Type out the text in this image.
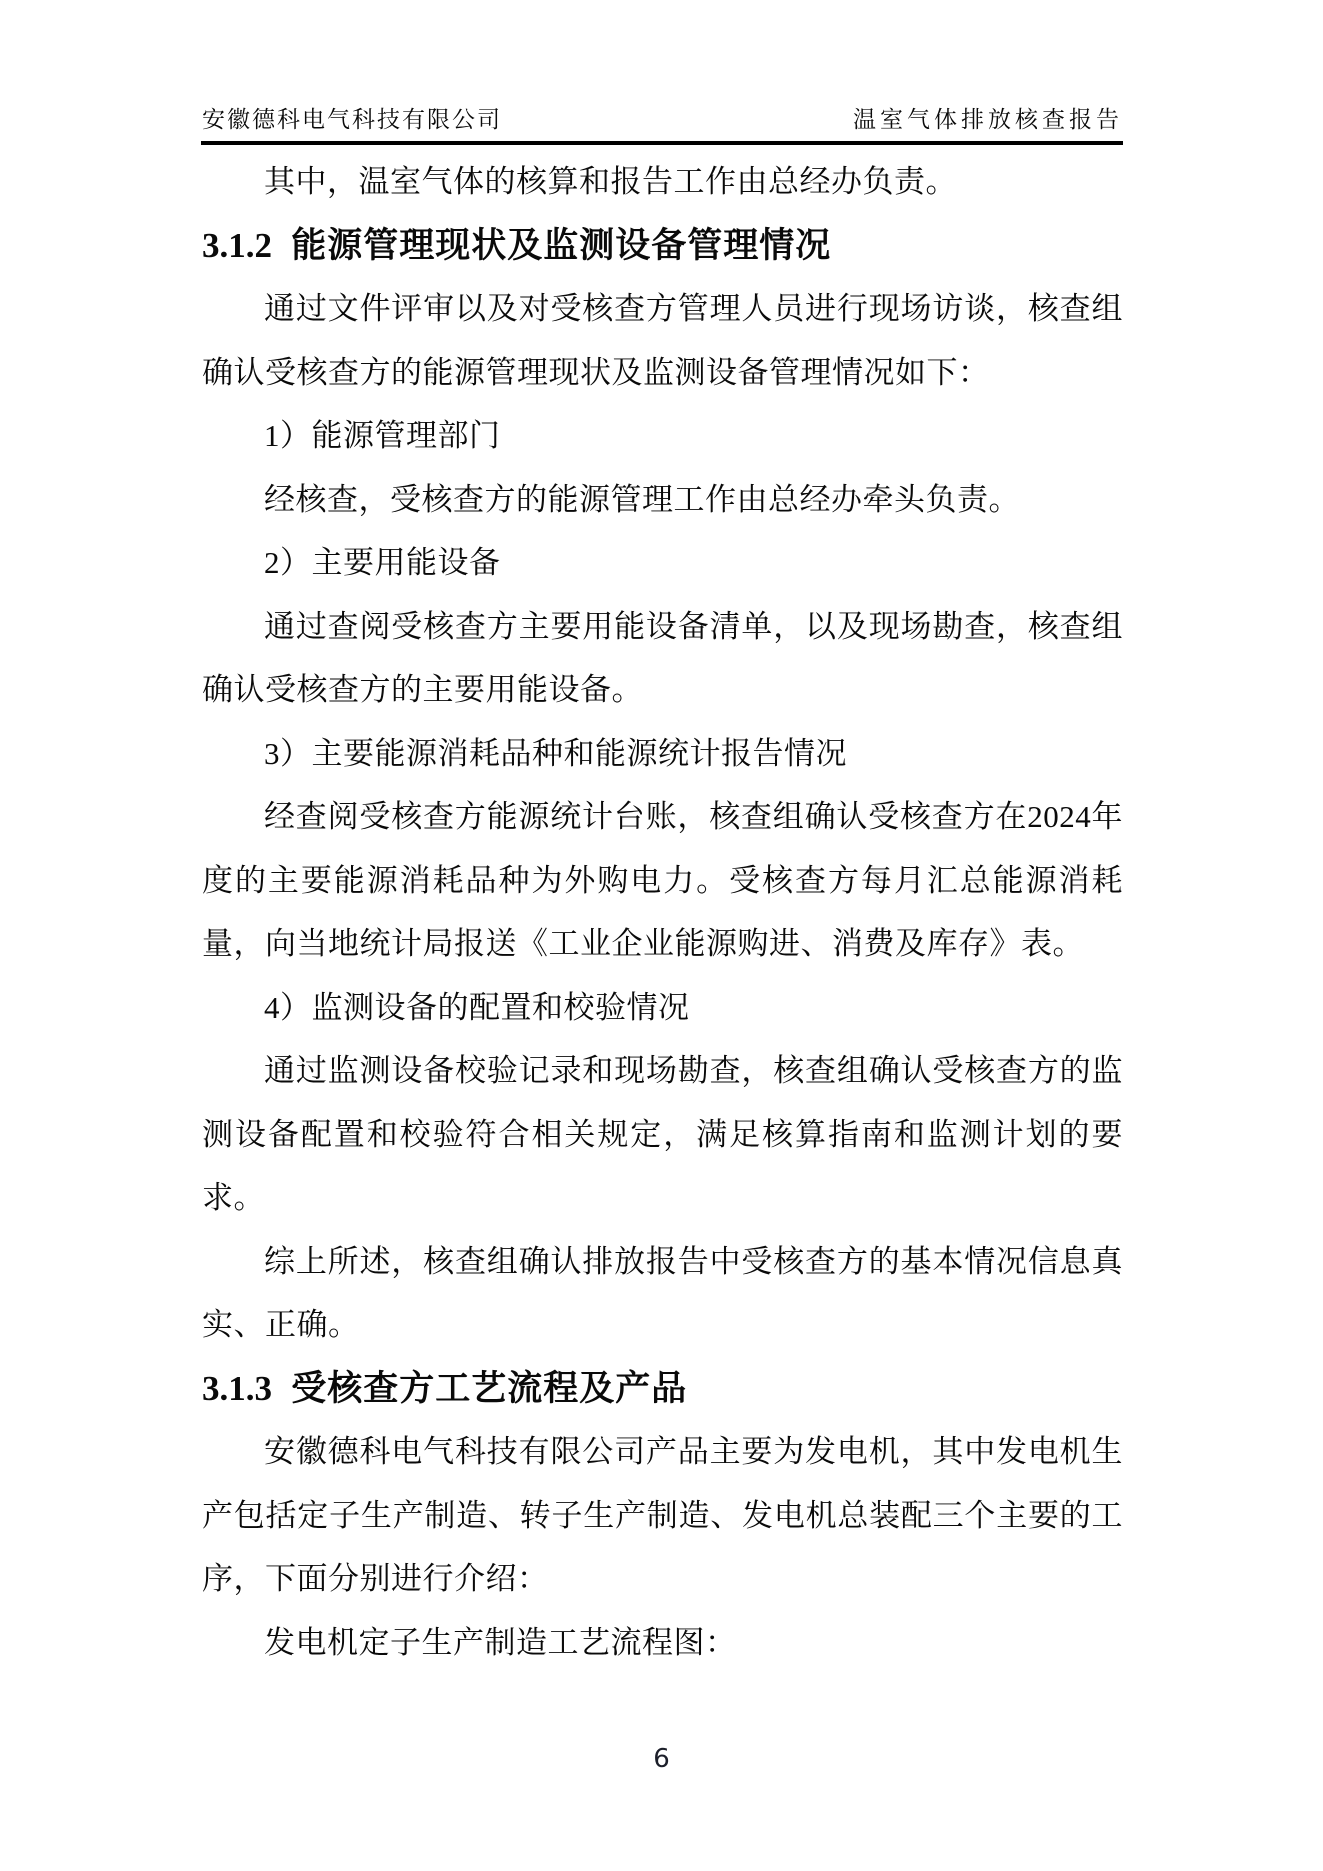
安徽德科电气科技有限公司	温室气体排放核查报告

其中，温室气体的核算和报告工作由总经办负责。

3.1.2 能源管理现状及监测设备管理情况

通过文件评审以及对受核查方管理人员进行现场访谈，核查组确认受核查方的能源管理现状及监测设备管理情况如下：

1）能源管理部门

经核查，受核查方的能源管理工作由总经办牵头负责。

2）主要用能设备

通过查阅受核查方主要用能设备清单，以及现场勘查，核查组确认受核查方的主要用能设备。

3）主要能源消耗品种和能源统计报告情况

经查阅受核查方能源统计台账，核查组确认受核查方在2024年度的主要能源消耗品种为外购电力。受核查方每月汇总能源消耗量，向当地统计局报送《工业企业能源购进、消费及库存》表。

4）监测设备的配置和校验情况

通过监测设备校验记录和现场勘查，核查组确认受核查方的监测设备配置和校验符合相关规定，满足核算指南和监测计划的要求。

综上所述，核查组确认排放报告中受核查方的基本情况信息真实、正确。

3.1.3 受核查方工艺流程及产品

安徽德科电气科技有限公司产品主要为发电机，其中发电机生产包括定子生产制造、转子生产制造、发电机总装配三个主要的工序，下面分别进行介绍：

发电机定子生产制造工艺流程图：

6
